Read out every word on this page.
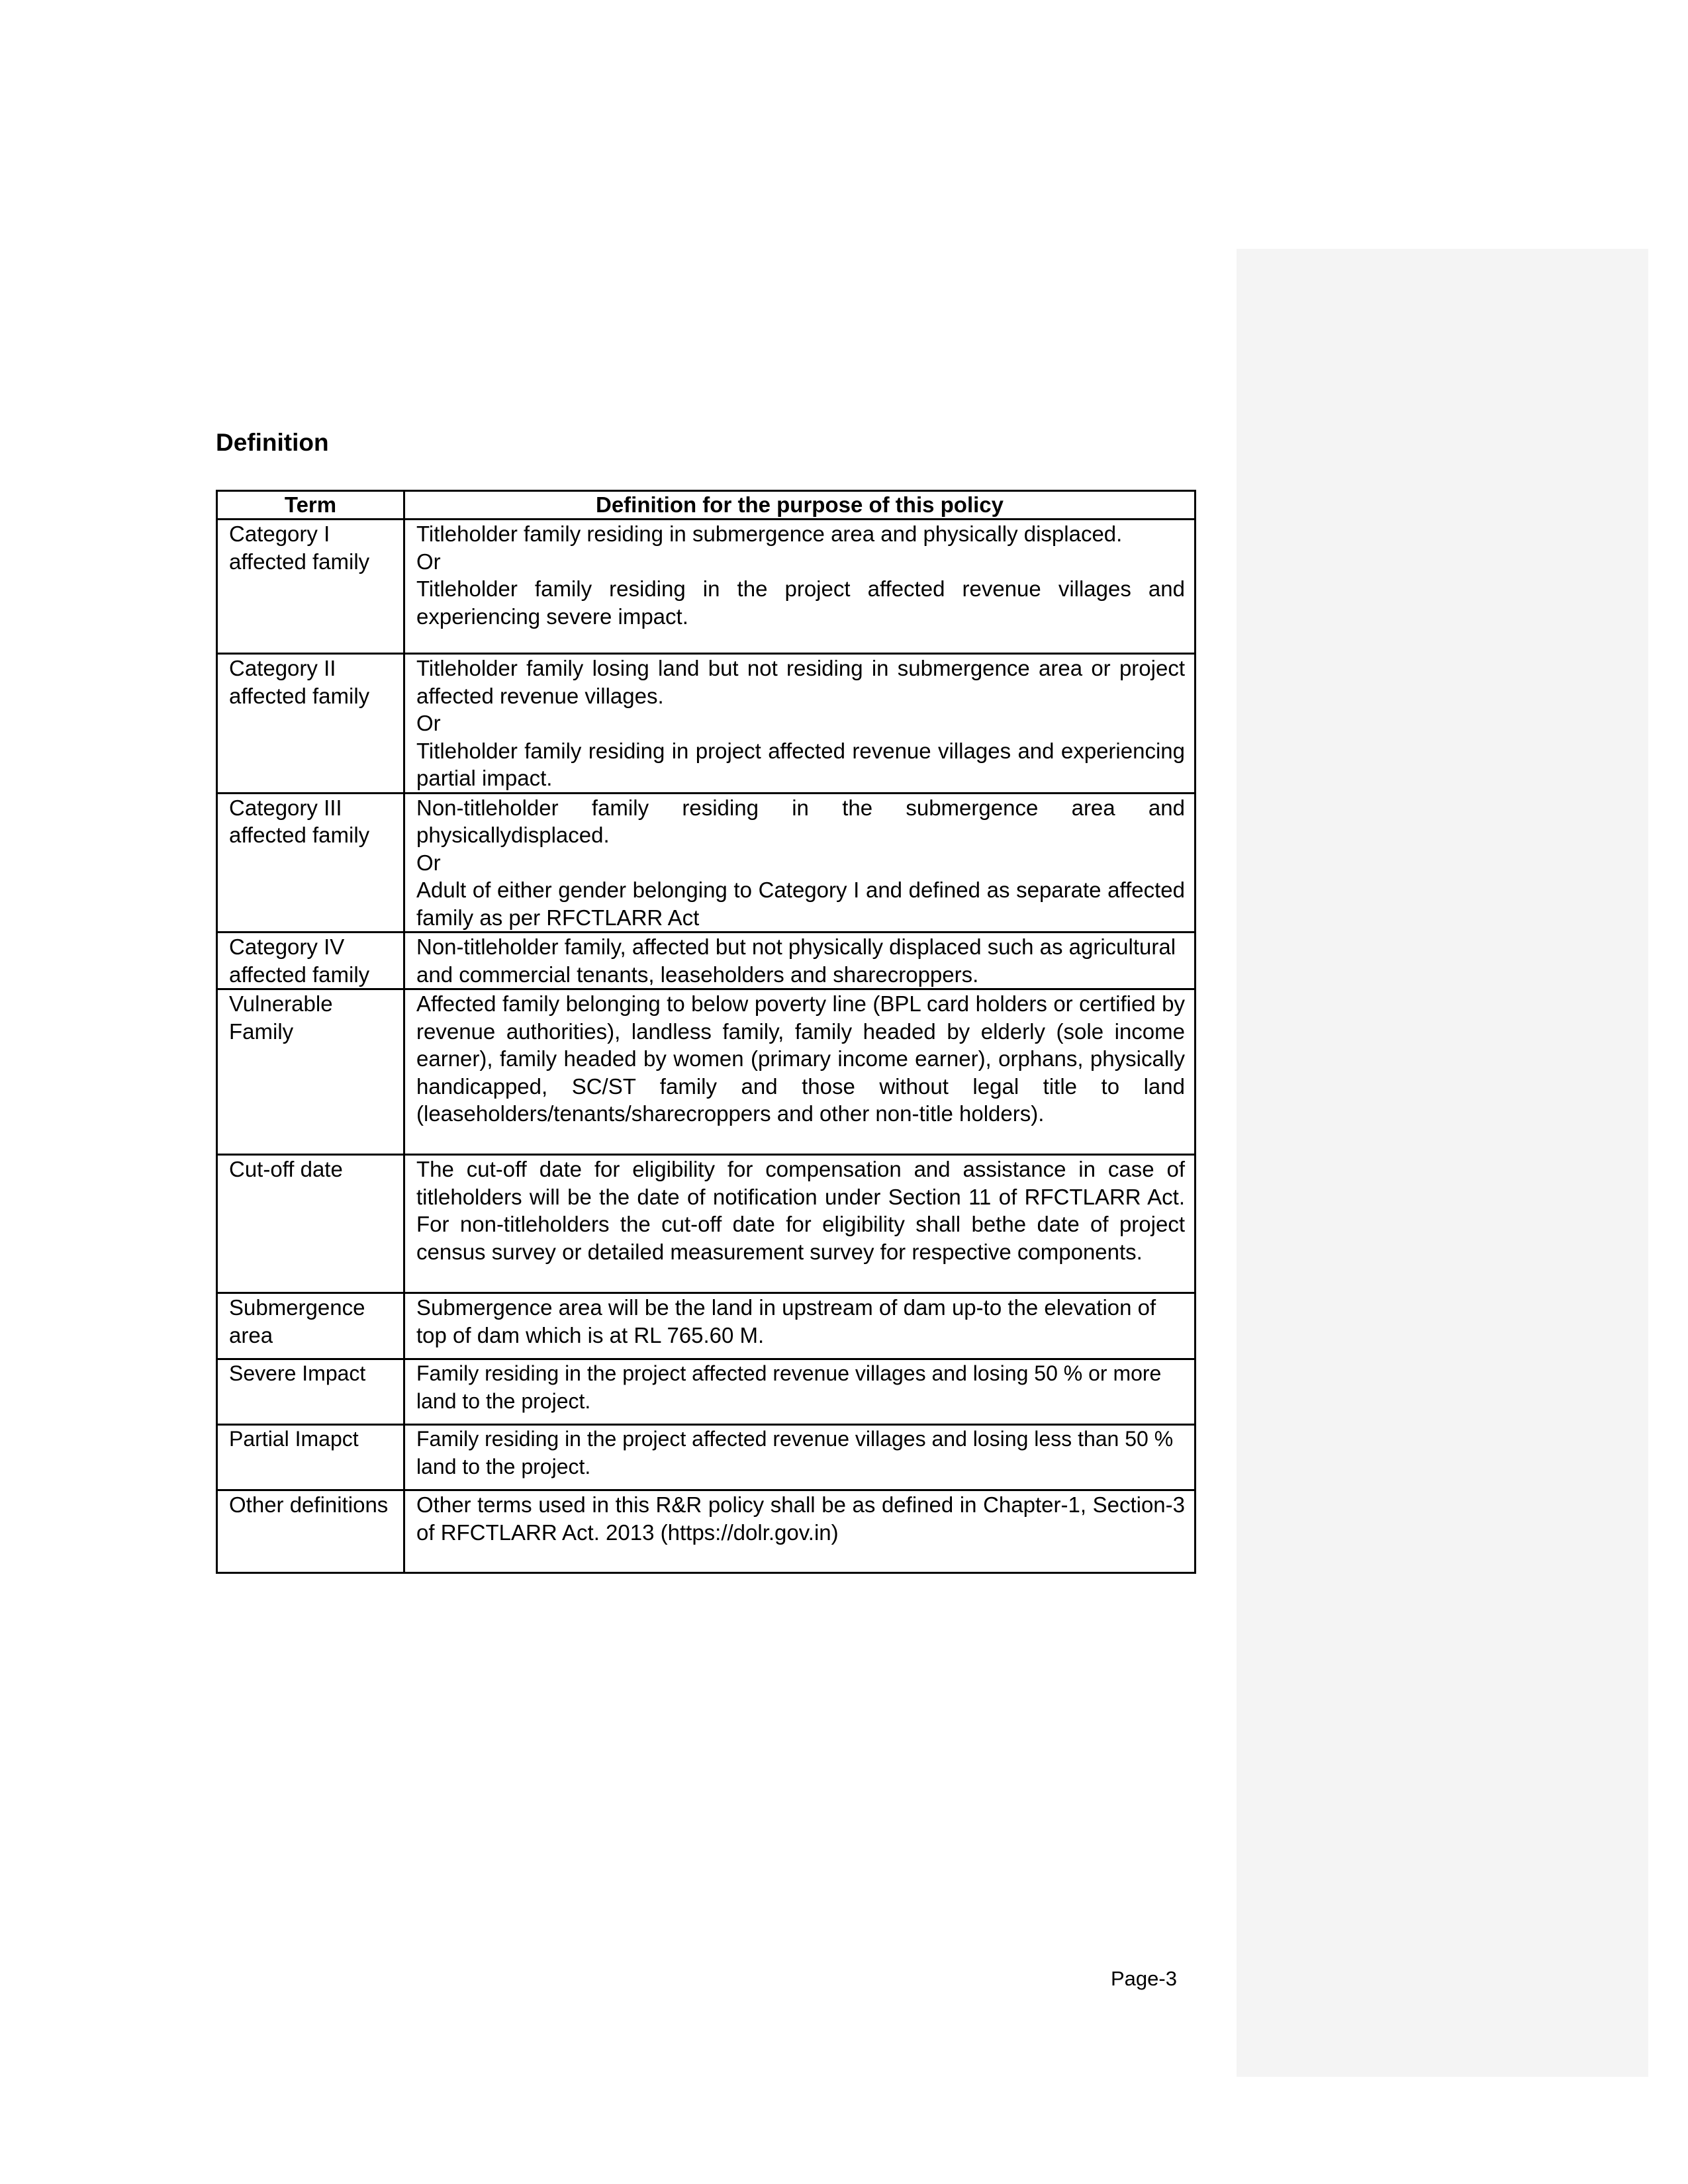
Definition
Term	Definition for the purpose of this policy
Category I affected family	Titleholder family residing in submergence area and physically displaced.
Or
Titleholder family residing in the project affected revenue villages and experiencing severe impact.

Category II affected family	Titleholder family losing land but not residing in submergence area or project affected revenue villages.
Or
Titleholder family residing in project affected revenue villages and experiencing partial impact.

Category III affected family	Non-titleholder family residing in the submergence area and physicallydisplaced.
Or
Adult of either gender belonging to Category I and defined as separate affected family as per RFCTLARR Act

Category IV affected family	Non-titleholder family, affected but not physically displaced such as agricultural and commercial tenants, leaseholders and sharecroppers.

Vulnerable Family	Affected family belonging to below poverty line (BPL card holders or certified by revenue authorities), landless family, family headed by elderly (sole income earner), family headed by women (primary income earner), orphans, physically handicapped, SC/ST family and those without legal title to land (leaseholders/tenants/sharecroppers and other non-title holders).

Cut-off date	The cut-off date for eligibility for compensation and assistance in case of titleholders will be the date of notification under Section 11 of RFCTLARR Act. For non-titleholders the cut-off date for eligibility shall bethe date of project census survey or detailed measurement survey for respective components.

Submergence area	Submergence area will be the land in upstream of dam up-to the elevation of top of dam which is at RL 765.60 M.

Severe Impact	Family residing in the project affected revenue villages and losing 50 % or more land to the project.

Partial Imapct	Family residing in the project affected revenue villages and losing less than 50 % land to the project.

Other definitions	Other terms used in this R&R policy shall be as defined in Chapter-1, Section-3 of RFCTLARR Act. 2013 (https://dolr.gov.in)
Page-3
